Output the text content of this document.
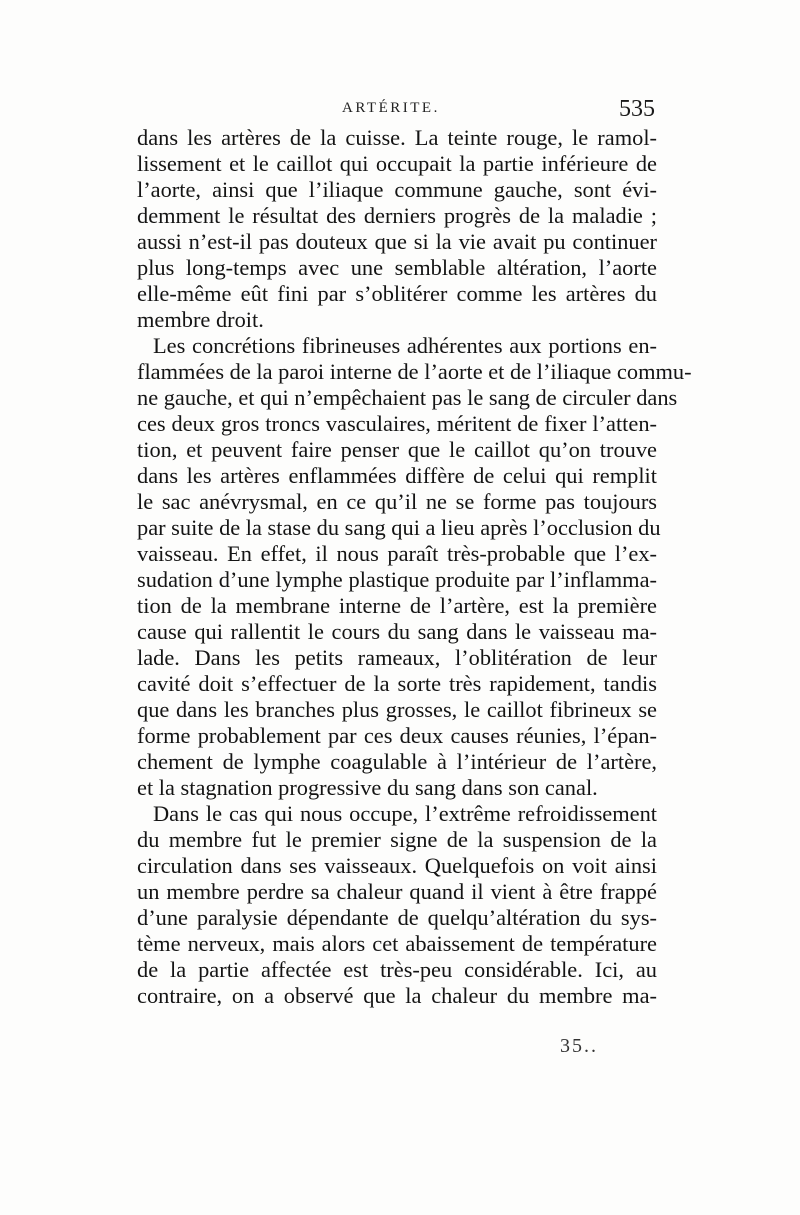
ARTÉRITE.	535
dans les artères de la cuisse. La teinte rouge, le ramol-
lissement et le caillot qui occupait la partie inférieure de
l’aorte, ainsi que l’iliaque commune gauche, sont évi-
demment le résultat des derniers progrès de la maladie ;
aussi n’est-il pas douteux que si la vie avait pu continuer
plus long-temps avec une semblable altération, l’aorte
elle-même eût fini par s’oblitérer comme les artères du
membre droit.
Les concrétions fibrineuses adhérentes aux portions en-
flammées de la paroi interne de l’aorte et de l’iliaque commu-
ne gauche, et qui n’empêchaient pas le sang de circuler dans
ces deux gros troncs vasculaires, méritent de fixer l’atten-
tion, et peuvent faire penser que le caillot qu’on trouve
dans les artères enflammées diffère de celui qui remplit
le sac anévrysmal, en ce qu’il ne se forme pas toujours
par suite de la stase du sang qui a lieu après l’occlusion du
vaisseau. En effet, il nous paraît très-probable que l’ex-
sudation d’une lymphe plastique produite par l’inflamma-
tion de la membrane interne de l’artère, est la première
cause qui rallentit le cours du sang dans le vaisseau ma-
lade. Dans les petits rameaux, l’oblitération de leur
cavité doit s’effectuer de la sorte très rapidement, tandis
que dans les branches plus grosses, le caillot fibrineux se
forme probablement par ces deux causes réunies, l’épan-
chement de lymphe coagulable à l’intérieur de l’artère,
et la stagnation progressive du sang dans son canal.
Dans le cas qui nous occupe, l’extrême refroidissement
du membre fut le premier signe de la suspension de la
circulation dans ses vaisseaux. Quelquefois on voit ainsi
un membre perdre sa chaleur quand il vient à être frappé
d’une paralysie dépendante de quelqu’altération du sys-
tème nerveux, mais alors cet abaissement de température
de la partie affectée est très-peu considérable. Ici, au
contraire, on a observé que la chaleur du membre ma-
35..
